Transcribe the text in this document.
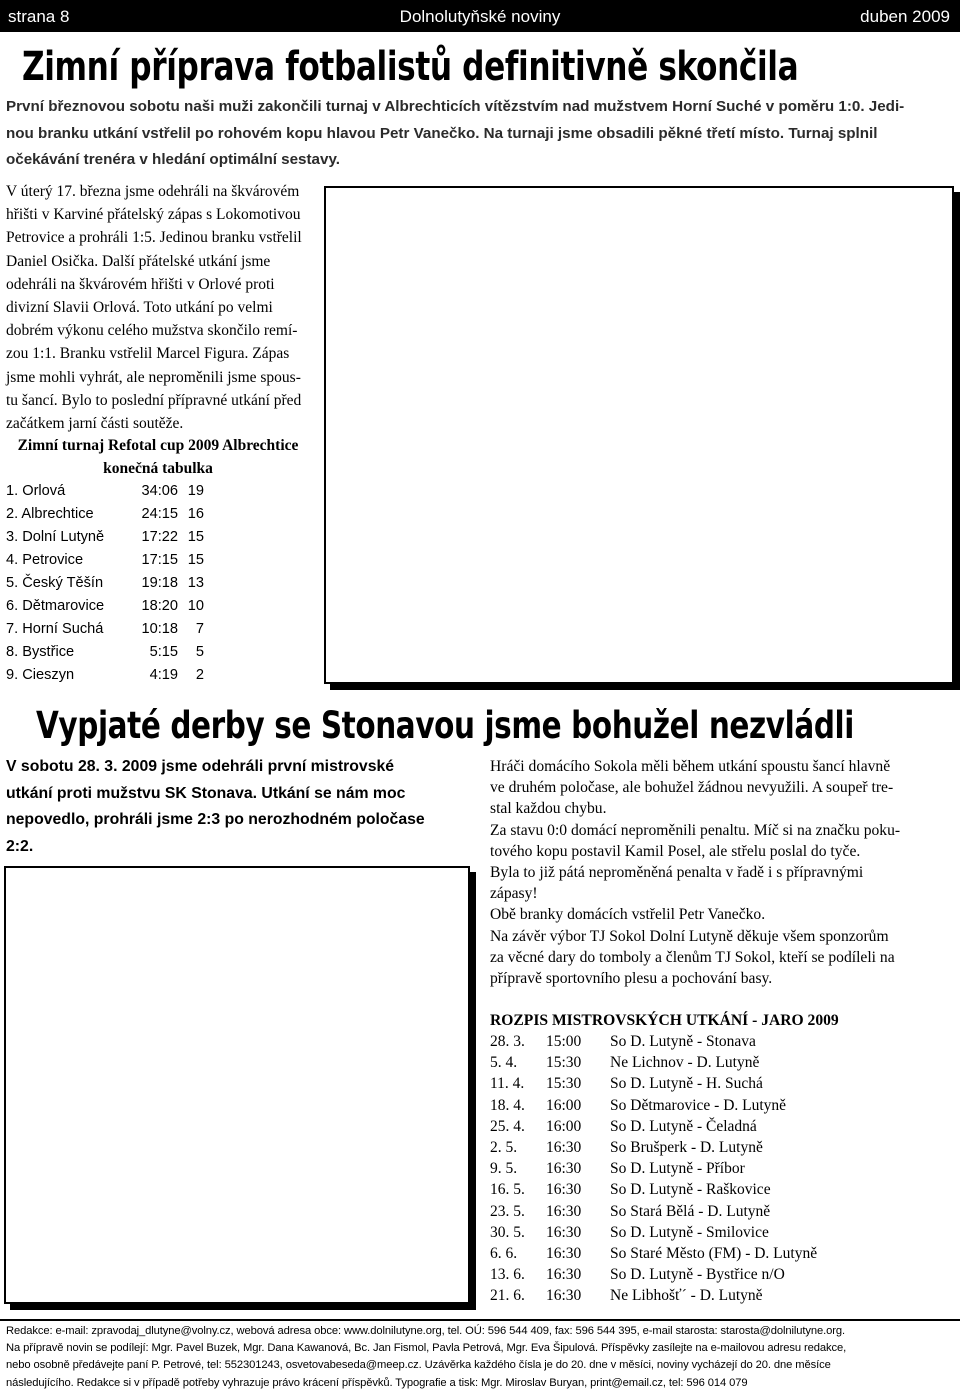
Dolnolutyňské noviny
strana 8	duben 2009
Zimní příprava fotbalistů definitivně skončila
První březnovou sobotu naši muži zakončili turnaj v Albrechticích vítězstvím nad mužstvem Horní Suché v poměru 1:0. Jedi-
nou branku utkání vstřelil po rohovém kopu hlavou Petr Vanečko. Na turnaji jsme obsadili pěkné třetí místo. Turnaj splnil
očekávání trenéra v hledání optimální sestavy.

V úterý 17. března jsme odehráli na škvárovém

hřišti v Karviné přátelský zápas s Lokomotivou

Petrovice a prohráli 1:5. Jedinou branku vstřelil

Daniel Osička. Další přátelské utkání jsme

odehráli na škvárovém hřišti v Orlové proti

divizní Slavii Orlová. Toto utkání po velmi

dobrém výkonu celého mužstva skončilo remí-

zou 1:1. Branku vstřelil Marcel Figura. Zápas

jsme mohli vyhrát, ale neproměnili jsme spous-

tu šancí. Bylo to poslední přípravné utkání před

začátkem jarní části soutěže.

Zimní turnaj Refotal cup 2009 Albrechtice
konečná tabulka
1. Orlová	34:06 19
2. Albrechtice	24:15 16
3. Dolní Lutyně	17:22 15
4. Petrovice	17:15 15
5. Český Těšín	19:18 13
6. Dětmarovice	18:20 10
7. Horní Suchá	10:18	7
8. Bystřice	5:15	5
9. Cieszyn	4:19	2
Vypjaté derby se Stonavou jsme bohužel nezvládli
V sobotu 28. 3. 2009 jsme odehráli první mistrovské
utkání proti mužstvu SK Stonava. Utkání se nám moc
nepovedlo, prohráli jsme 2:3 po nerozhodném poločase
2:2.

Hráči domácího Sokola měli během utkání spoustu šancí hlavně

ve druhém poločase, ale bohužel žádnou nevyužili. A soupeř tre-

stal každou chybu.

Za stavu 0:0 domácí neproměnili penaltu. Míč si na značku poku-

tového kopu postavil Kamil Posel, ale střelu poslal do tyče.

Byla to již pátá neproměněná penalta v řadě i s přípravnými

zápasy!

Obě branky domácích vstřelil Petr Vanečko.

Na závěr výbor TJ Sokol Dolní Lutyně děkuje všem sponzorům

za věcné dary do tomboly a členům TJ Sokol, kteří se podíleli na

přípravě sportovního plesu a pochování basy.

ROZPIS MISTROVSKÝCH UTKÁNÍ - JARO 2009
28. 3. 15:00 So D. Lutyně - Stonava
5. 4. 15:30 Ne Lichnov - D. Lutyně
11. 4. 15:30 So D. Lutyně - H. Suchá
18. 4. 16:00 So Dětmarovice - D. Lutyně
25. 4. 16:00 So D. Lutyně - Čeladná
2. 5. 16:30 So Brušperk - D. Lutyně
9. 5. 16:30 So D. Lutyně - Příbor
16. 5. 16:30 So D. Lutyně - Raškovice
23. 5. 16:30 So Stará Bělá - D. Lutyně
30. 5. 16:30 So D. Lutyně - Smilovice
6. 6. 16:30 So Staré Město (FM) - D. Lutyně
13. 6. 16:30 So D. Lutyně - Bystřice n/O
21. 6. 16:30 Ne Libhošť´ - D. Lutyně
Redakce: e-mail: zpravodaj_dlutyne@volny.cz, webová adresa obce: www.dolnilutyne.org, tel. OÚ: 596 544 409, fax: 596 544 395, e-mail starosta: starosta@dolnilutyne.org.
Na přípravě novin se podílejí: Mgr. Pavel Buzek, Mgr. Dana Kawanová, Bc. Jan Fismol, Pavla Petrová, Mgr. Eva Šipulová. Příspěvky zasílejte na e-mailovou adresu redakce,
nebo osobně předávejte paní P. Petrové, tel: 552301243, osvetovabeseda@meep.cz. Uzávěrka každého čísla je do 20. dne v měsíci, noviny vycházejí do 20. dne měsíce
následujícího. Redakce si v případě potřeby vyhrazuje právo krácení příspěvků. Typografie a tisk: Mgr. Miroslav Buryan, print@email.cz, tel: 596 014 079
